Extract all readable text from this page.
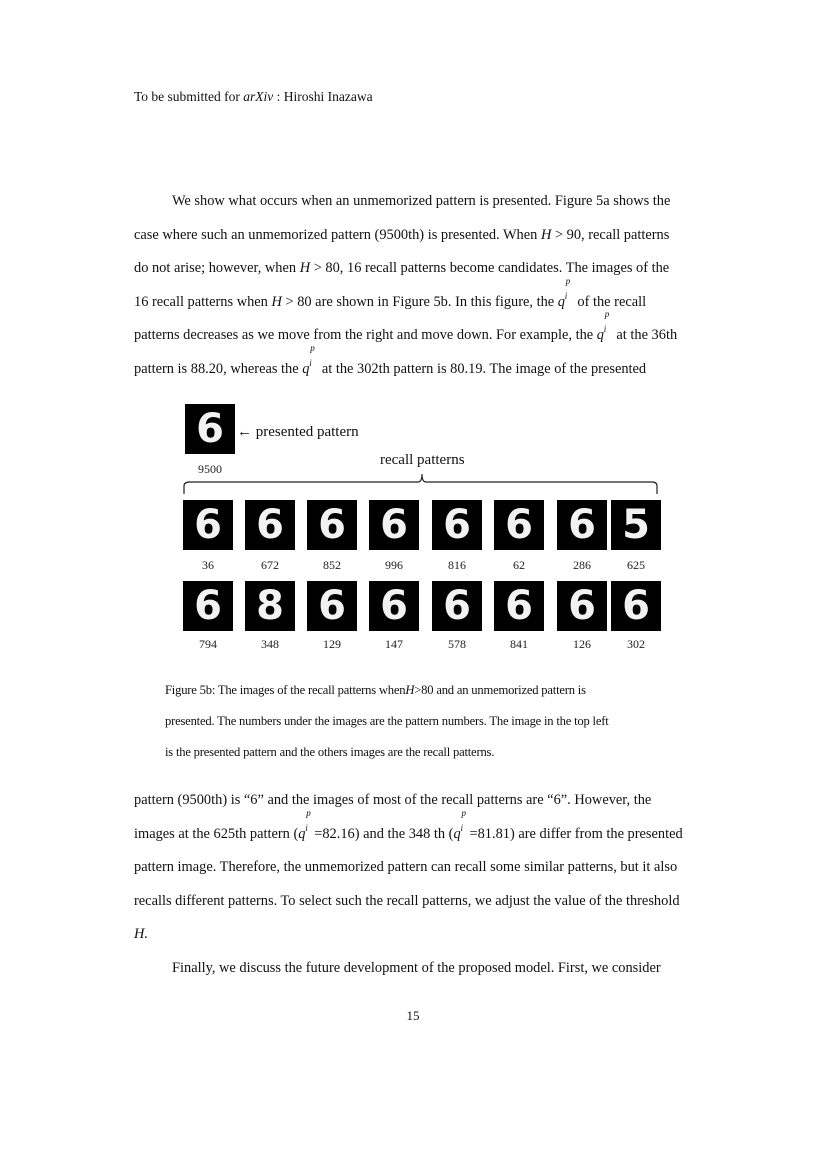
To be submitted for arXiv : Hiroshi Inazawa

We show what occurs when an unmemorized pattern is presented. Figure 5a shows the

case where such an unmemorized pattern (9500th) is presented. When H > 90, recall patterns

do not arise; however, when H > 80, 16 recall patterns become candidates. The images of the

16 recall patterns when H > 80 are shown in Figure 5b. In this figure, the q
p
i of the recall

patterns decreases as we move from the right and move down. For example, the q
p
i at the 36th

pattern is 88.20, whereas the q
p
i at the 302th pattern is 80.19. The image of the presented

6
9500
← presented pattern
recall patterns
6
36
6
672
6
852
6
996
6
816
6
62
6
286
5
625
6
794
8
348
6
129
6
147
6
578
6
841
6
126
6
302

Figure 5b: The images of the recall patterns whenH>80 and an unmemorized pattern is

presented. The numbers under the images are the pattern numbers. The image in the top left

is the presented pattern and the others images are the recall patterns.

pattern (9500th) is “6” and the images of most of the recall patterns are “6”. However, the

images at the 625th pattern (q
p
i =82.16) and the 348 th (q
p
i =81.81) are differ from the presented

pattern image. Therefore, the unmemorized pattern can recall some similar patterns, but it also

recalls different patterns. To select such the recall patterns, we adjust the value of the threshold

H.

Finally, we discuss the future development of the proposed model. First, we consider

15
